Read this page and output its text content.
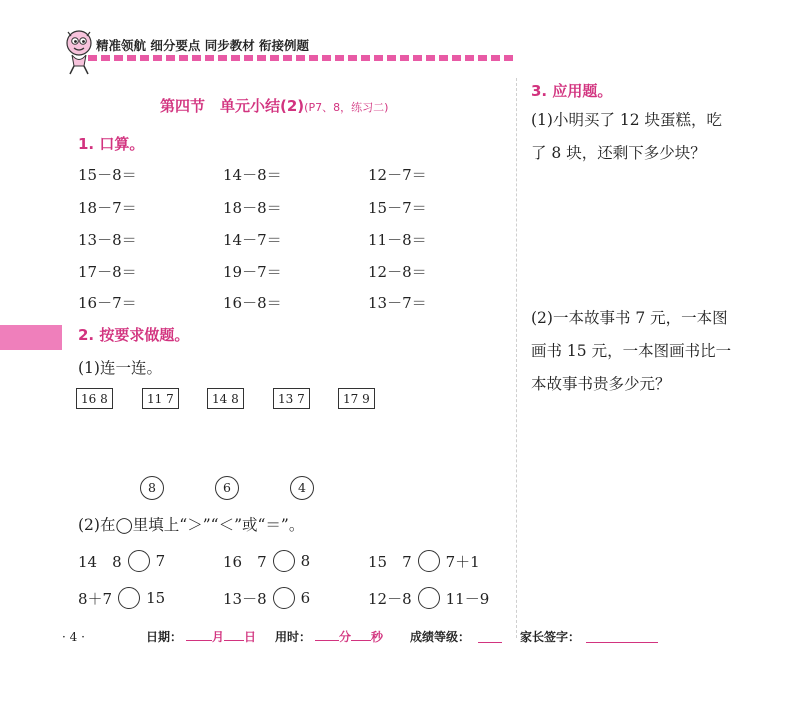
精准领航 细分要点 同步教材 衔接例题
第四节　单元小结(2)(P7、8，练习二)
1. 口算。
15－8＝	14－8＝	12－7＝
18－7＝	18－8＝	15－7＝
13－8＝	14－7＝	11－8＝
17－8＝	19－7＝	12－8＝
16－7＝	16－8＝	13－7＝
2. 按要求做题。
(1)连一连。
16 8	11 7	14 8	13 7	17 9
8	6	4
(2)在◯里填上“＞”“＜”或“＝”。
14　8 7	16　7 8	15　7 7＋1
8＋7 15	13－8 6	12－8 11－9
3. 应用题。
(1)小明买了 12 块蛋糕，吃了 8 块，还剩下多少块？
(2)一本故事书 7 元，一本图画书 15 元，一本图画书比一本故事书贵多少元？
· 4 ·	日期：	月 日 用时：	分 秒 成绩等级：
	家长签字：
